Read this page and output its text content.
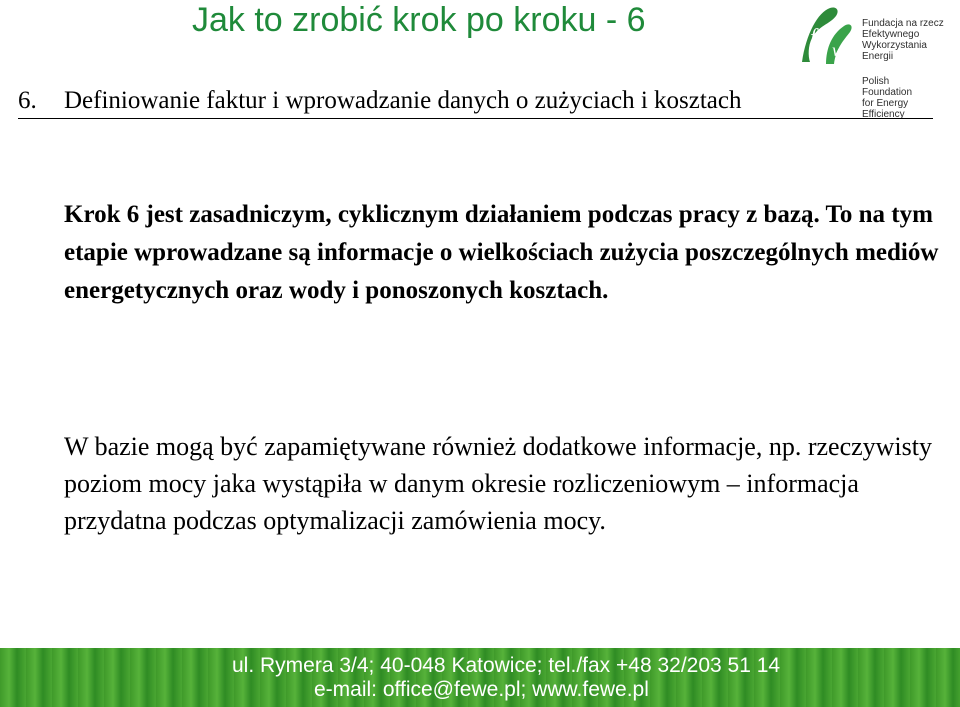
Jak to zrobić krok po kroku - 6	f
w
Fundacja na rzecz
Efektywnego
Wykorzystania
Energii
Polish
Foundation
for Energy
Efficiency
6. Definiowanie faktur i wprowadzanie danych o zużyciach i kosztach
Krok 6 jest zasadniczym, cyklicznym działaniem podczas pracy z bazą. To na tym etapie wprowadzane są informacje o wielkościach zużycia poszczególnych mediów energetycznych oraz wody i ponoszonych kosztach.
W bazie mogą być zapamiętywane również dodatkowe informacje, np. rzeczywisty poziom mocy jaka wystąpiła w danym okresie rozliczeniowym – informacja przydatna podczas optymalizacji zamówienia mocy.
ul. Rymera 3/4; 40-048 Katowice; tel./fax +48 32/203 51 14
e-mail: office@fewe.pl; www.fewe.pl
